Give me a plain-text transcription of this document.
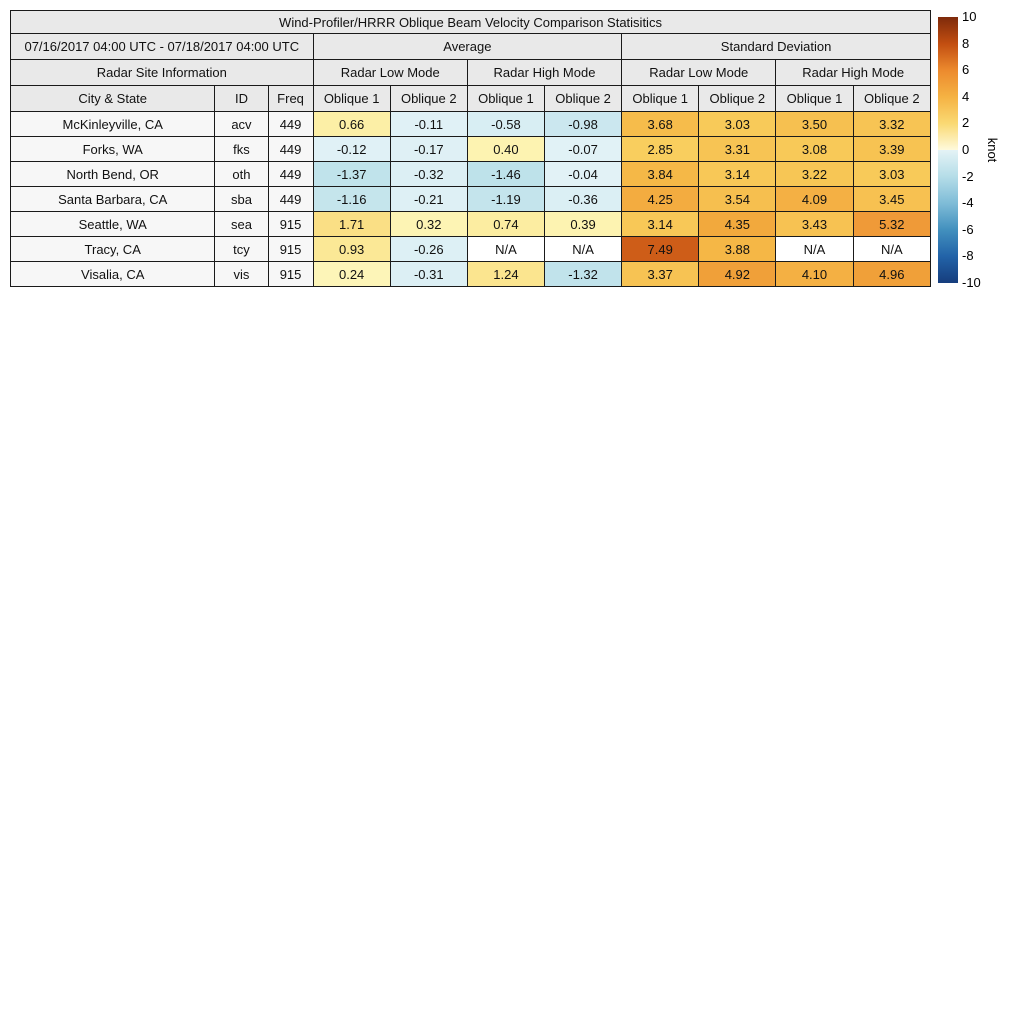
Wind-Profiler/HRRR Oblique Beam Velocity Comparison Statisitics										
07/16/2017 04:00 UTC - 07/18/2017 04:00 UTC			Average				Standard Deviation			
Radar Site Information			Radar Low Mode		Radar High Mode		Radar Low Mode		Radar High Mode	
City & State	ID	Freq	Oblique 1	Oblique 2	Oblique 1	Oblique 2	Oblique 1	Oblique 2	Oblique 1	Oblique 2
McKinleyville, CA	acv	449	0.66	-0.11	-0.58	-0.98	3.68	3.03	3.50	3.32
Forks, WA	fks	449	-0.12	-0.17	0.40	-0.07	2.85	3.31	3.08	3.39
North Bend, OR	oth	449	-1.37	-0.32	-1.46	-0.04	3.84	3.14	3.22	3.03
Santa Barbara, CA	sba	449	-1.16	-0.21	-1.19	-0.36	4.25	3.54	4.09	3.45
Seattle, WA	sea	915	1.71	0.32	0.74	0.39	3.14	4.35	3.43	5.32
Tracy, CA	tcy	915	0.93	-0.26	N/A	N/A	7.49	3.88	N/A	N/A
Visalia, CA	vis	915	0.24	-0.31	1.24	-1.32	3.37	4.92	4.10	4.96
10
8
6
4
2
0
-2
-4
-6
-8
-10
knot
